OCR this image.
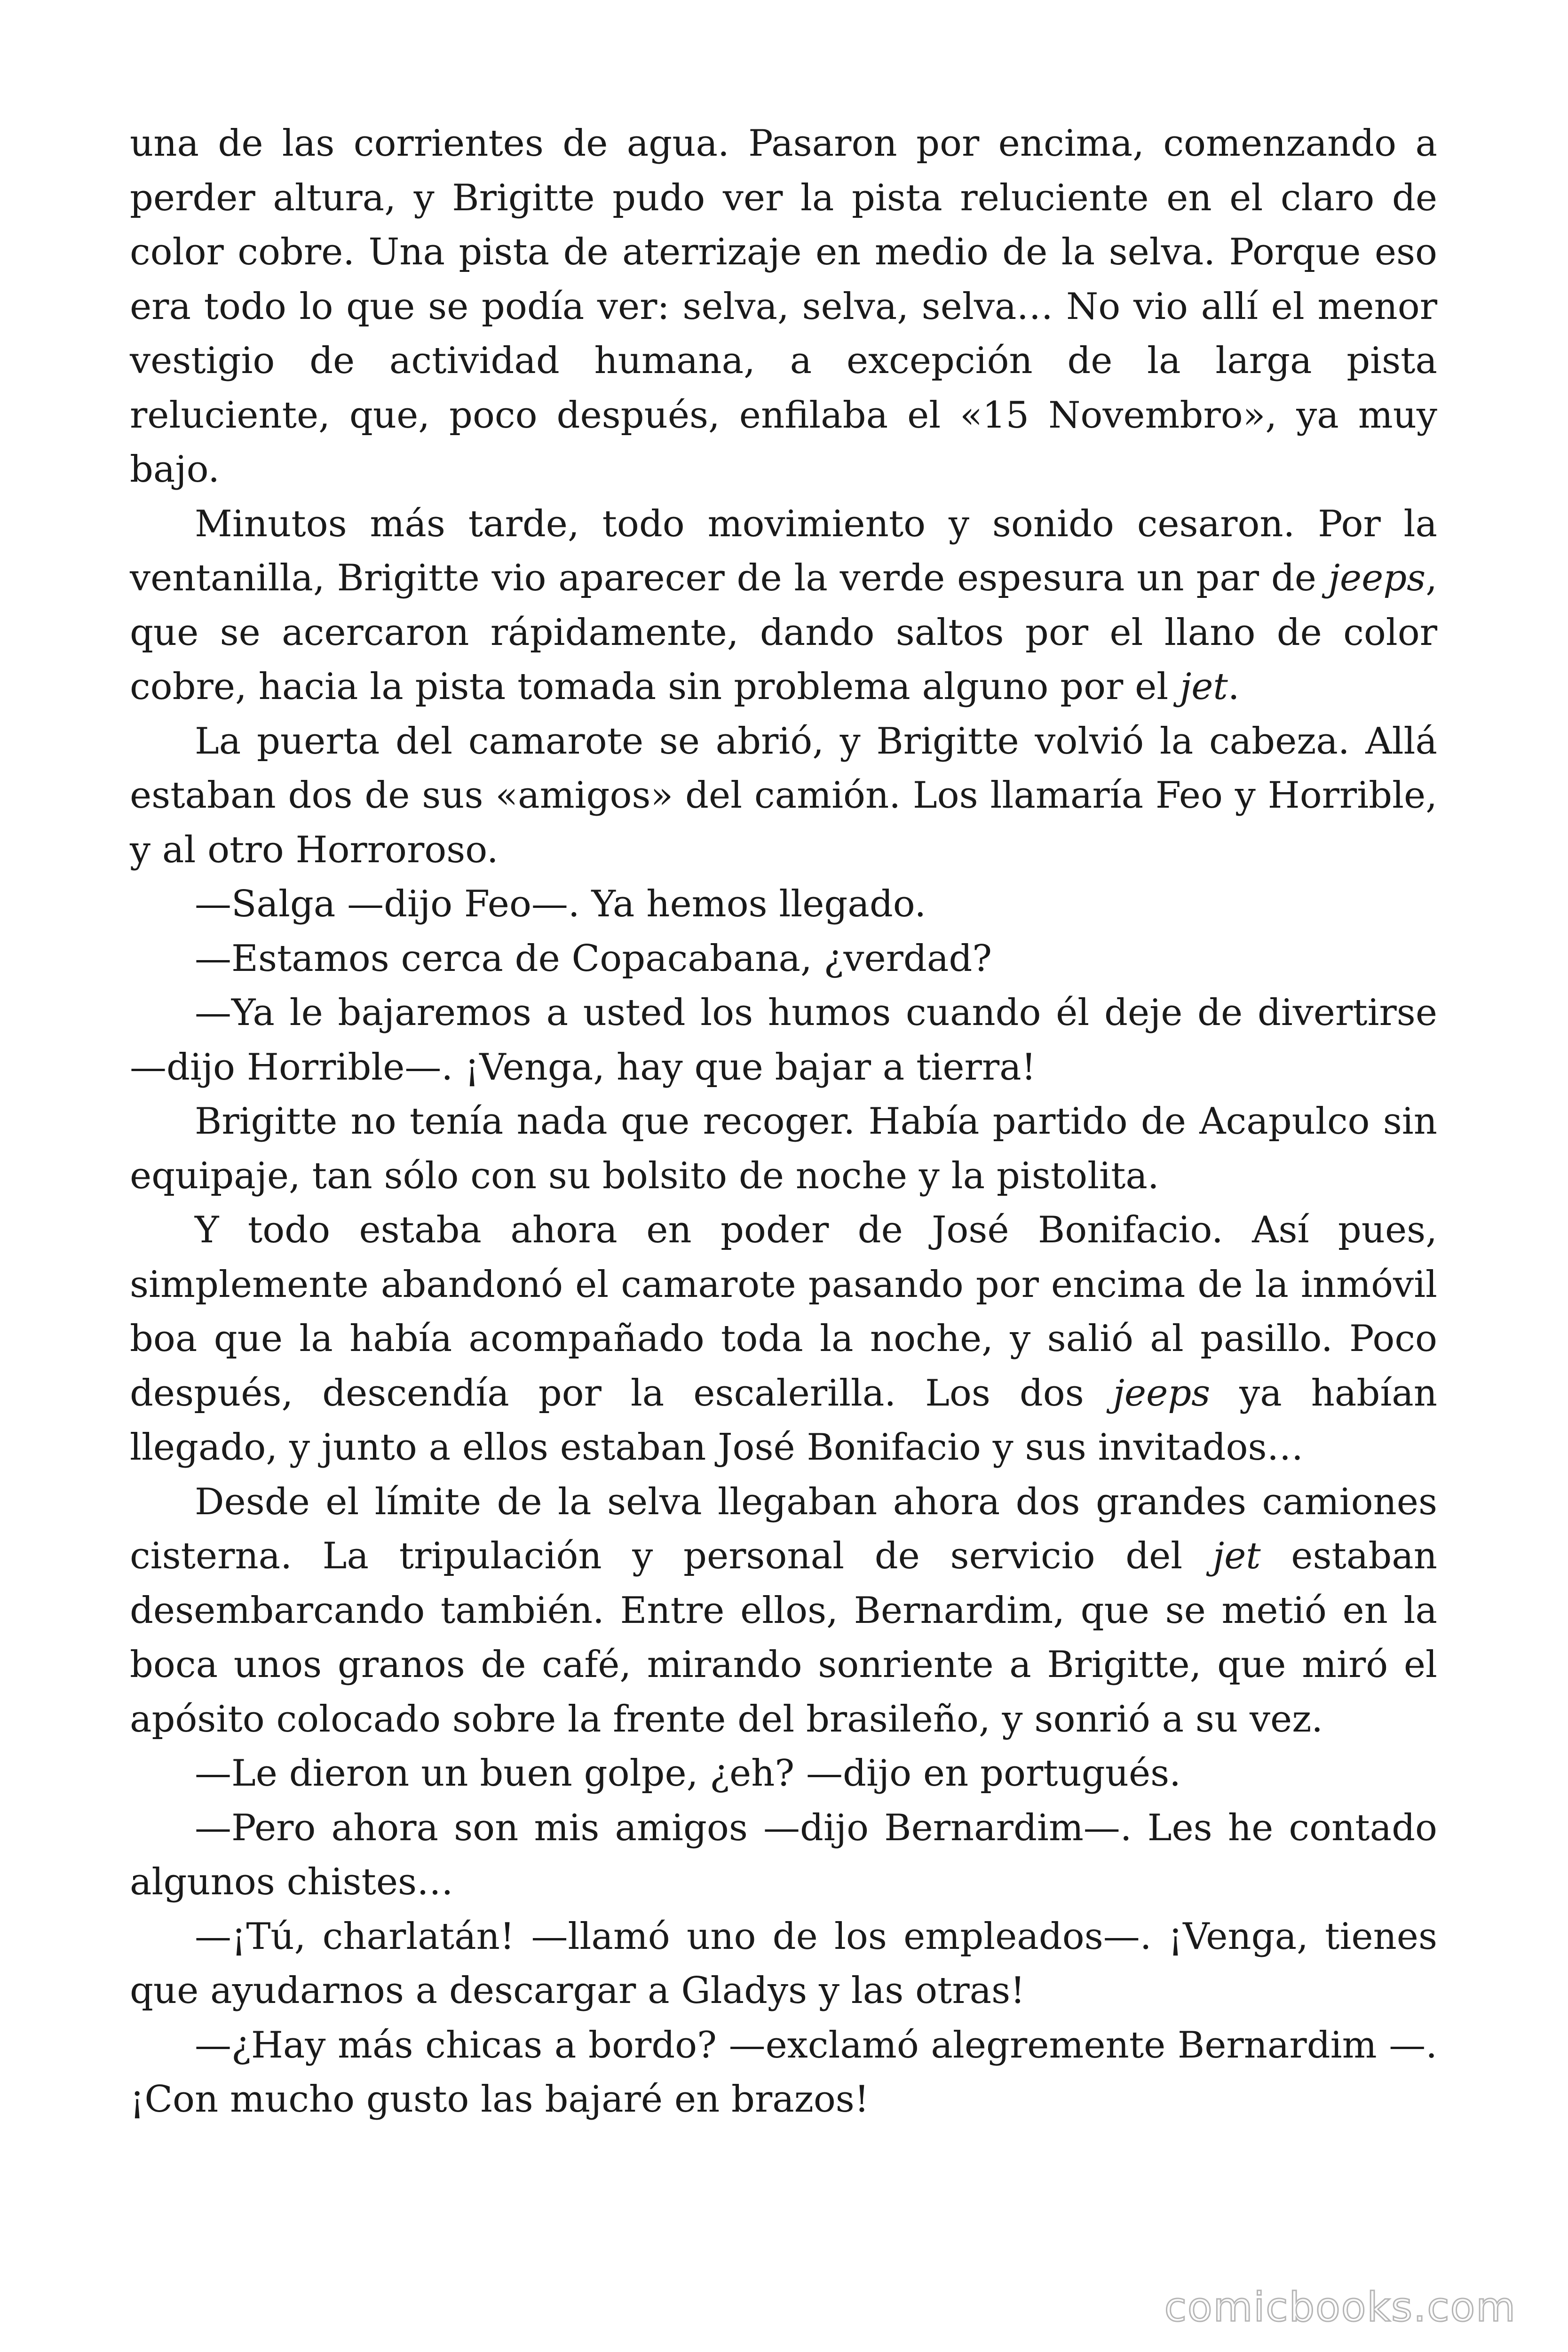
una de las corrientes de agua. Pasaron por encima, comenzando a perder altura, y Brigitte pudo ver la pista reluciente en el claro de color cobre. Una pista de aterrizaje en medio de la selva. Porque eso era todo lo que se podía ver: selva, selva, selva… No vio allí el menor vestigio de actividad humana, a excepción de la larga pista reluciente, que, poco después, enfilaba el «15 Novembro», ya muy bajo.

Minutos más tarde, todo movimiento y sonido cesaron. Por la ventanilla, Brigitte vio aparecer de la verde espesura un par de jeeps, que se acercaron rápidamente, dando saltos por el llano de color cobre, hacia la pista tomada sin problema alguno por el jet.

La puerta del camarote se abrió, y Brigitte volvió la cabeza. Allá estaban dos de sus «amigos» del camión. Los llamaría Feo y Horrible, y al otro Horroroso.

—Salga —dijo Feo—. Ya hemos llegado.

—Estamos cerca de Copacabana, ¿verdad?

—Ya le bajaremos a usted los humos cuando él deje de divertirse —dijo Horrible—. ¡Venga, hay que bajar a tierra!

Brigitte no tenía nada que recoger. Había partido de Acapulco sin equipaje, tan sólo con su bolsito de noche y la pistolita.

Y todo estaba ahora en poder de José Bonifacio. Así pues, simplemente abandonó el camarote pasando por encima de la inmóvil boa que la había acompañado toda la noche, y salió al pasillo. Poco después, descendía por la escalerilla. Los dos jeeps ya habían llegado, y junto a ellos estaban José Bonifacio y sus invitados…

Desde el límite de la selva llegaban ahora dos grandes camiones cisterna. La tripulación y personal de servicio del jet estaban desembarcando también. Entre ellos, Bernardim, que se metió en la boca unos granos de café, mirando sonriente a Brigitte, que miró el apósito colocado sobre la frente del brasileño, y sonrió a su vez.

—Le dieron un buen golpe, ¿eh? —dijo en portugués.

—Pero ahora son mis amigos —dijo Bernardim—. Les he contado algunos chistes…

—¡Tú, charlatán! —llamó uno de los empleados—. ¡Venga, tienes que ayudarnos a descargar a Gladys y las otras!

—¿Hay más chicas a bordo? —exclamó alegremente Bernardim —. ¡Con mucho gusto las bajaré en brazos!

comicbooks.com
